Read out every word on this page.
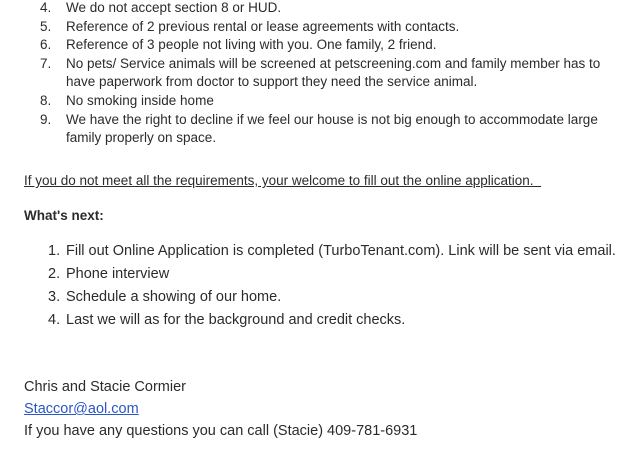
4. We do not accept section 8 or HUD.
5. Reference of 2 previous rental or lease agreements with contacts.
6. Reference of 3 people not living with you. One family, 2 friend.
7. No pets/ Service animals will be screened at petscreening.com and family member has to have paperwork from doctor to support they need the service animal.
8. No smoking inside home
9. We have the right to decline if we feel our house is not big enough to accommodate large family properly on space.
If you do not meet all the requirements, your welcome to fill out the online application.
What's next:
1. Fill out Online Application is completed (TurboTenant.com). Link will be sent via email.
2. Phone interview
3. Schedule a showing of our home.
4. Last we will as for the background and credit checks.
Chris and Stacie Cormier
Staccor@aol.com
If you have any questions you can call (Stacie) 409-781-6931
